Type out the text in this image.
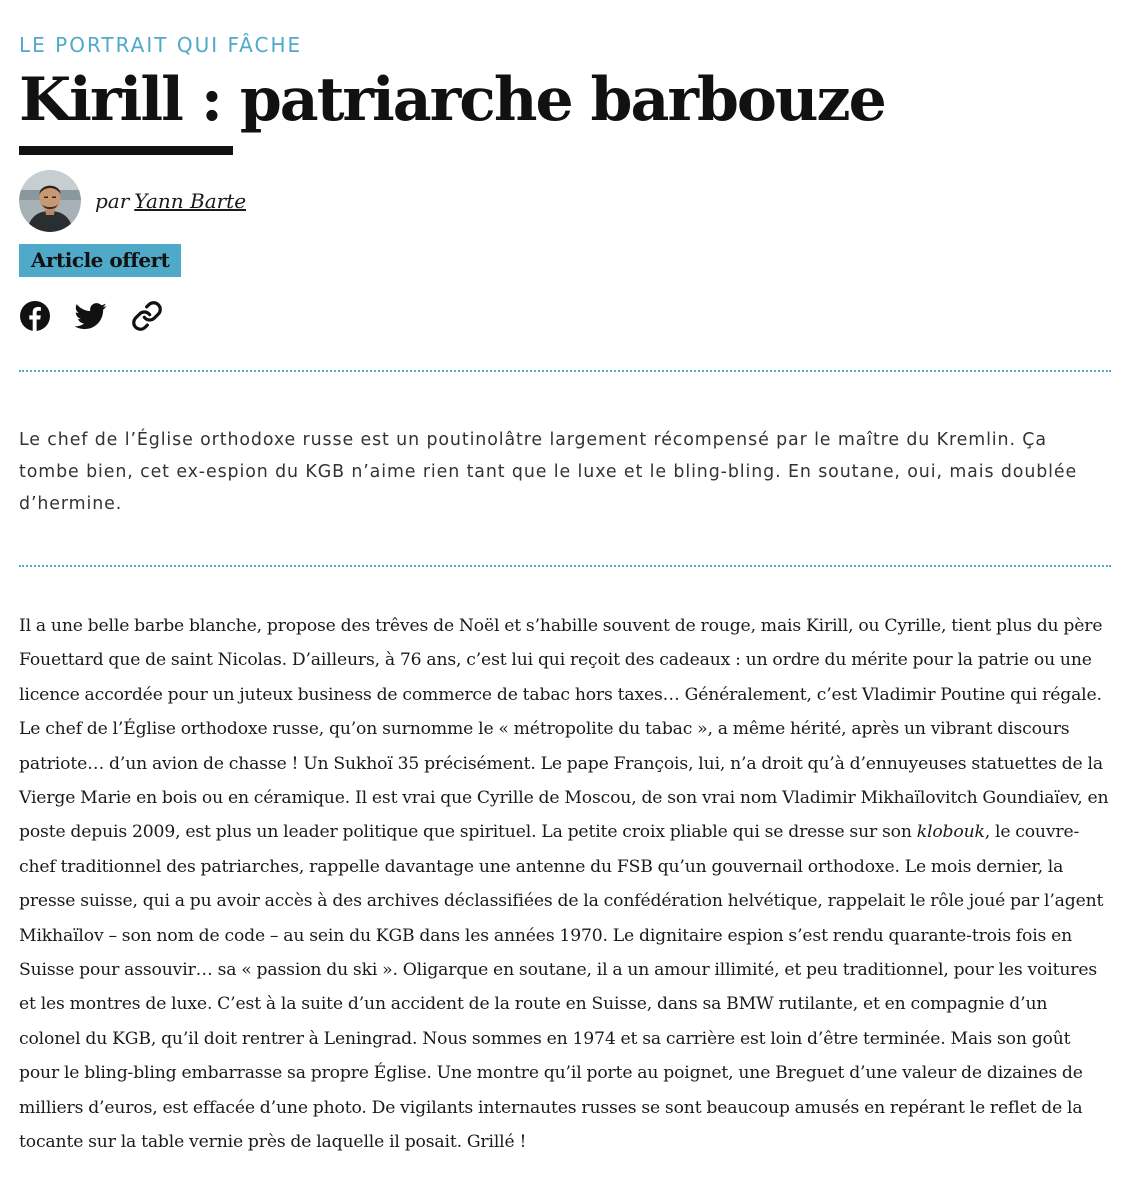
LE PORTRAIT QUI FÂCHE
Kirill : patriarche barbouze
par Yann Barte
Article offert

Le chef de l’Église orthodoxe russe est un poutinolâtre largement récompensé par le maître du Kremlin. Ça tombe bien, cet ex-espion du KGB n’aime rien tant que le luxe et le bling-bling. En soutane, oui, mais doublée d’hermine.

Il a une belle barbe blanche, propose des trêves de Noël et s’habille souvent de rouge, mais Kirill, ou Cyrille, tient plus du père Fouettard que de saint Nicolas. D’ailleurs, à 76 ans, c’est lui qui reçoit des cadeaux : un ordre du mérite pour la patrie ou une licence accordée pour un juteux business de commerce de tabac hors taxes… Généralement, c’est Vladimir Poutine qui régale. Le chef de l’Église orthodoxe russe, qu’on surnomme le « métropolite du tabac », a même hérité, après un vibrant discours patriote… d’un avion de chasse ! Un Sukhoï 35 précisément. Le pape François, lui, n’a droit qu’à d’ennuyeuses statuettes de la Vierge Marie en bois ou en céramique. Il est vrai que Cyrille de Moscou, de son vrai nom Vladimir Mikhaïlovitch Goundiaïev, en poste depuis 2009, est plus un leader politique que spirituel. La petite croix pliable qui se dresse sur son klobouk, le couvre-chef traditionnel des patriarches, rappelle davantage une antenne du FSB qu’un gouvernail orthodoxe. Le mois dernier, la presse suisse, qui a pu avoir accès à des archives déclassifiées de la confédération helvétique, rappelait le rôle joué par l’agent Mikhaïlov – son nom de code – au sein du KGB dans les années 1970. Le dignitaire espion s’est rendu quarante-trois fois en Suisse pour assouvir… sa « passion du ski ». Oligarque en soutane, il a un amour illimité, et peu traditionnel, pour les voitures et les montres de luxe. C’est à la suite d’un accident de la route en Suisse, dans sa BMW rutilante, et en compagnie d’un colonel du KGB, qu’il doit rentrer à Leningrad. Nous sommes en 1974 et sa carrière est loin d’être terminée. Mais son goût pour le bling-bling embarrasse sa propre Église. Une montre qu’il porte au poignet, une Breguet d’une valeur de dizaines de milliers d’euros, est effacée d’une photo. De vigilants internautes russes se sont beaucoup amusés en repérant le reflet de la tocante sur la table vernie près de laquelle il posait. Grillé !
